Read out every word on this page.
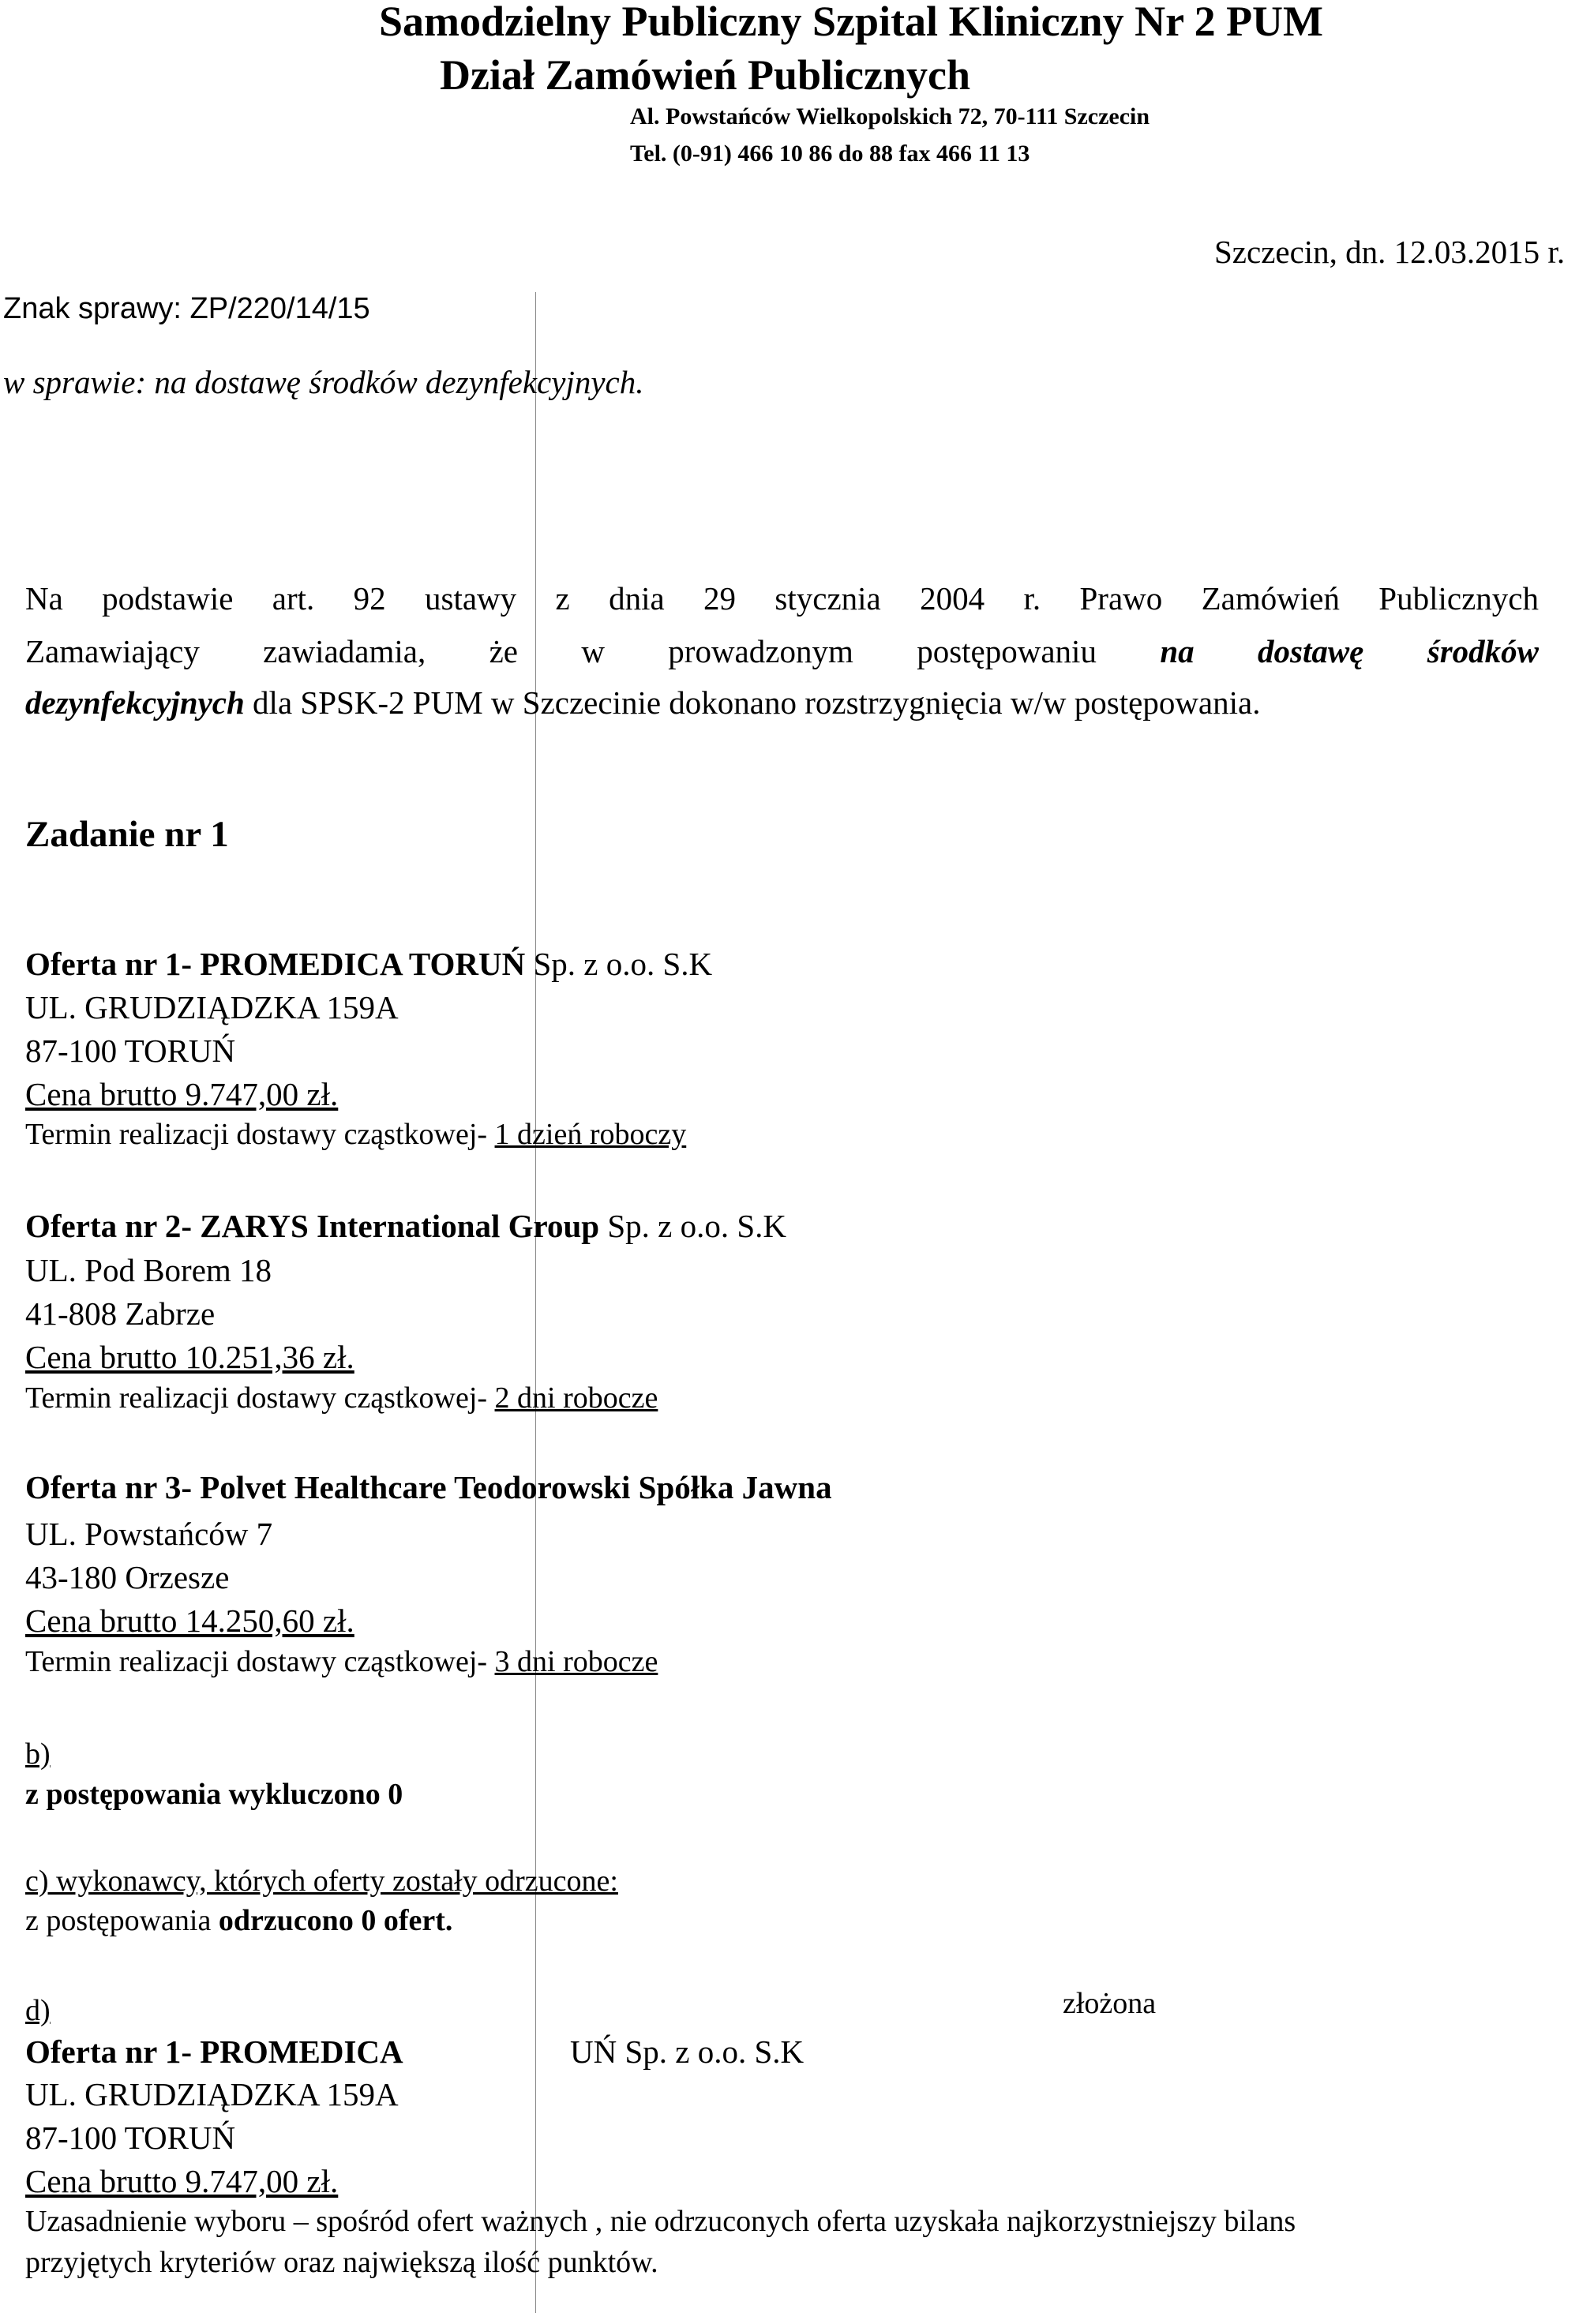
Samodzielny Publiczny Szpital Kliniczny Nr 2 PUM
Dział Zamówień Publicznych
Al. Powstańców Wielkopolskich 72, 70-111 Szczecin
Tel. (0-91) 466 10 86 do 88 fax 466 11 13
Szczecin, dn. 12.03.2015 r.
Znak sprawy: ZP/220/14/15
w sprawie: na dostawę środków dezynfekcyjnych.
Na podstawie art. 92 ustawy z dnia 29 stycznia 2004 r. Prawo Zamówień Publicznych
Zamawiający zawiadamia, że w prowadzonym postępowaniu na dostawę środków
dezynfekcyjnych dla SPSK-2 PUM w Szczecinie dokonano rozstrzygnięcia w/w postępowania.
Zadanie nr 1
Oferta nr 1- PROMEDICA TORUŃ Sp. z o.o. S.K
UL. GRUDZIĄDZKA 159A
87-100 TORUŃ
Cena brutto 9.747,00 zł.
Termin realizacji dostawy cząstkowej- 1 dzień roboczy
Oferta nr 2- ZARYS International Group Sp. z o.o. S.K
UL. Pod Borem 18
41-808 Zabrze
Cena brutto 10.251,36 zł.
Termin realizacji dostawy cząstkowej- 2 dni robocze
Oferta nr 3- Polvet Healthcare Teodorowski Spółka Jawna
UL. Powstańców 7
43-180 Orzesze
Cena brutto 14.250,60 zł.
Termin realizacji dostawy cząstkowej- 3 dni robocze
b)
z postępowania wykluczono 0
c) wykonawcy, których oferty zostały odrzucone:
z postępowania odrzucono 0 ofert.
d)	złożona
Oferta nr 1- PROMEDICA	UŃ Sp. z o.o. S.K
UL. GRUDZIĄDZKA 159A
87-100 TORUŃ
Cena brutto 9.747,00 zł.
Uzasadnienie wyboru – spośród ofert ważnych , nie odrzuconych oferta uzyskała najkorzystniejszy bilans
przyjętych kryteriów oraz największą ilość punktów.
